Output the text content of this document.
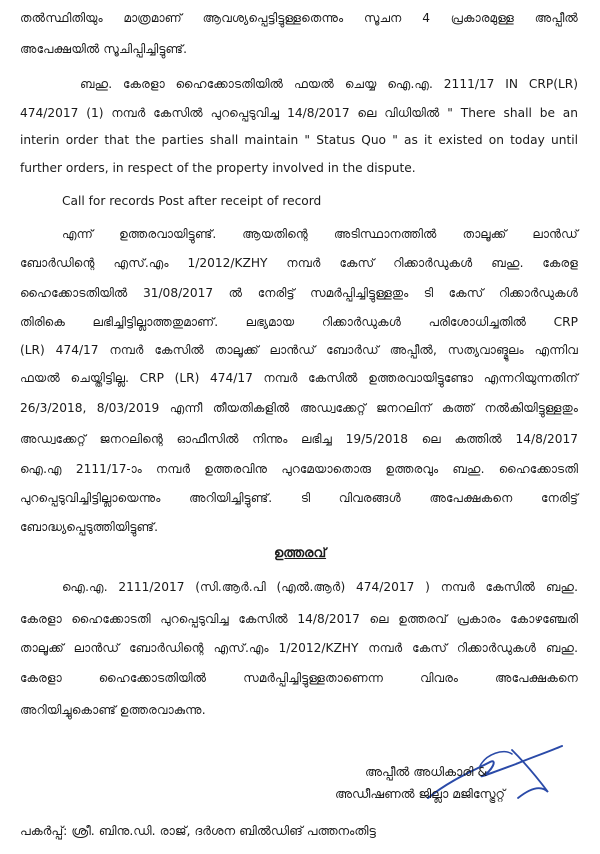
തൽസ്ഥിതിയും മാത്രമാണ് ആവശ്യപ്പെട്ടിട്ടുള്ളതെന്നും സൂചന 4 പ്രകാരമുള്ള അപ്പീൽ
അപേക്ഷയിൽ സൂചിപ്പിച്ചിട്ടുണ്ട്.
ബഹു. കേരളാ ഹൈക്കോടതിയിൽ ഫയൽ ചെയ്യ ഐ.എ. 2111/17 IN CRP(LR)
474/2017 (1) നമ്പർ കേസിൽ പുറപ്പെടുവിച്ച 14/8/2017 ലെ വിധിയിൽ " There shall be an
interin order that the parties shall maintain " Status Quo " as it existed on today until
further orders, in respect of the property involved in the dispute.
Call for records Post after receipt of record
എന്ന് ഉത്തരവായിട്ടുണ്ട്. ആയതിന്റെ അടിസ്ഥാനത്തിൽ താലൂക്ക് ലാൻഡ്
ബോർഡിന്റെ എസ്.എം 1/2012/KZHY നമ്പർ കേസ് റിക്കാർഡുകൾ ബഹു. കേരള
ഹൈക്കോടതിയിൽ 31/08/2017 ൽ നേരിട്ട് സമർപ്പിച്ചിട്ടുള്ളതും ടി കേസ് റിക്കാർഡുകൾ
തിരികെ ലഭിച്ചിട്ടില്ലാത്തതുമാണ്. ലഭ്യമായ റിക്കാർഡുകൾ പരിശോധിച്ചതിൽ CRP
(LR) 474/17 നമ്പർ കേസിൽ താലൂക്ക് ലാൻഡ് ബോർഡ് അപ്പീൽ, സത്യവാങ്മൂലം എന്നിവ
ഫയൽ ചെയ്തിട്ടില്ല. CRP (LR) 474/17 നമ്പർ കേസിൽ ഉത്തരവായിട്ടുണ്ടോ എന്നറിയുന്നതിന്
26/3/2018, 8/03/2019 എന്നീ തീയതികളിൽ അഡ്വക്കേറ്റ് ജനറലിന് കത്ത് നൽകിയിട്ടുള്ളതും
അഡ്വക്കേറ്റ് ജനറലിന്റെ ഓഫീസിൽ നിന്നും ലഭിച്ച 19/5/2018 ലെ കത്തിൽ 14/8/2017
ഐ.എ 2111/17-ാം നമ്പർ ഉത്തരവിനു പുറമേയാതൊരു ഉത്തരവും ബഹു. ഹൈക്കോടതി
പുറപ്പെടുവിച്ചിട്ടില്ലായെന്നും അറിയിച്ചിട്ടുണ്ട്. ടി വിവരങ്ങൾ അപേക്ഷകനെ നേരിട്ട്
ബോദ്ധ്യപ്പെടുത്തിയിട്ടുണ്ട്.
ഉത്തരവ്
ഐ.എ. 2111/2017 (സി.ആർ.പി (എൽ.ആർ) 474/2017 ) നമ്പർ കേസിൽ ബഹു.
കേരളാ ഹൈക്കോടതി പുറപ്പെടുവിച്ച കേസിൽ 14/8/2017 ലെ ഉത്തരവ് പ്രകാരം കോഴഞ്ചേരി
താലൂക്ക് ലാൻഡ് ബോർഡിന്റെ എസ്.എം 1/2012/KZHY നമ്പർ കേസ് റിക്കാർഡുകൾ ബഹു.
കേരളാ ഹൈക്കോടതിയിൽ സമർപ്പിച്ചിട്ടുള്ളതാണെന്ന വിവരം അപേക്ഷകനെ
അറിയിച്ചുകൊണ്ട് ഉത്തരവാകുന്നു.
അപ്പീൽ അധികാരി &
അഡീഷണൽ ജില്ലാ മജിസ്ട്രേറ്റ്
പകർപ്പ്: ശ്രീ. ബിനു.ഡി. രാജ്, ദർശന ബിൽഡിങ് പത്തനംതിട്ട
